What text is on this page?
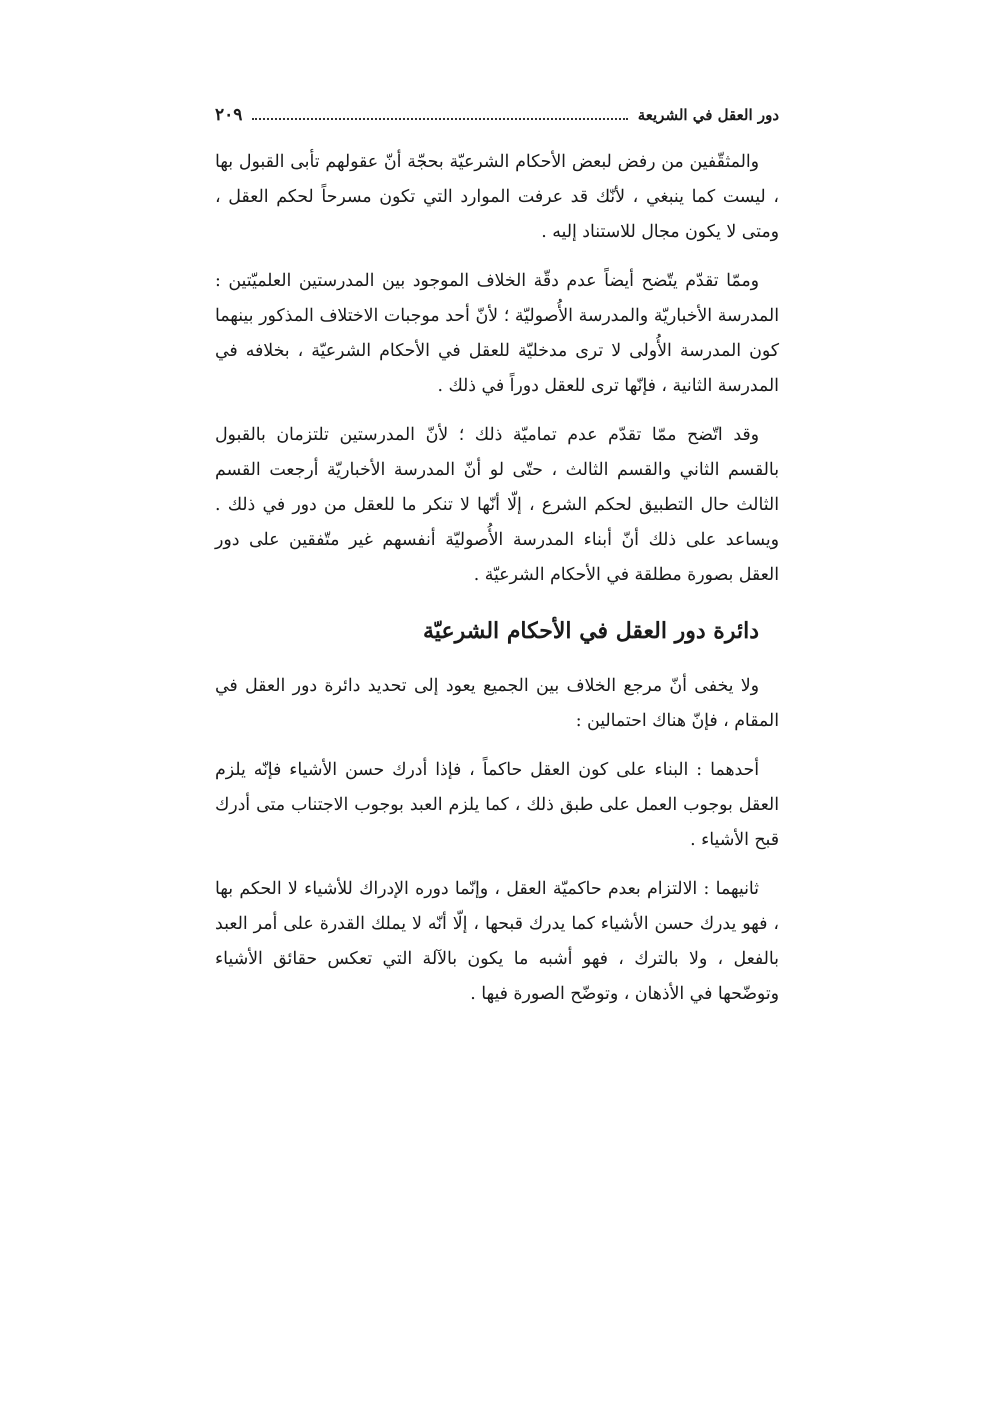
دور العقل في الشريعة
٢٠٩

والمثقّفين من رفض لبعض الأحكام الشرعيّة بحجّة أنّ عقولهم تأبى القبول بها ، ليست كما ينبغي ، لأنّك قد عرفت الموارد التي تكون مسرحاً لحكم العقل ، ومتى لا يكون مجال للاستناد إليه .

وممّا تقدّم يتّضح أيضاً عدم دقّة الخلاف الموجود بين المدرستين العلميّتين : المدرسة الأخباريّة والمدرسة الأُصوليّة ؛ لأنّ أحد موجبات الاختلاف المذكور بينهما كون المدرسة الأُولى لا ترى مدخليّة للعقل في الأحكام الشرعيّة ، بخلافه في المدرسة الثانية ، فإنّها ترى للعقل دوراً في ذلك .

وقد اتّضح ممّا تقدّم عدم تماميّة ذلك ؛ لأنّ المدرستين تلتزمان بالقبول بالقسم الثاني والقسم الثالث ، حتّى لو أنّ المدرسة الأخباريّة أرجعت القسم الثالث حال التطبيق لحكم الشرع ، إلّا أنّها لا تنكر ما للعقل من دور في ذلك . ويساعد على ذلك أنّ أبناء المدرسة الأُصوليّة أنفسهم غير متّفقين على دور العقل بصورة مطلقة في الأحكام الشرعيّة .

دائرة دور العقل في الأحكام الشرعيّة

ولا يخفى أنّ مرجع الخلاف بين الجميع يعود إلى تحديد دائرة دور العقل في المقام ، فإنّ هناك احتمالين :

أحدهما : البناء على كون العقل حاكماً ، فإذا أدرك حسن الأشياء فإنّه يلزم العقل بوجوب العمل على طبق ذلك ، كما يلزم العبد بوجوب الاجتناب متى أدرك قبح الأشياء .

ثانيهما : الالتزام بعدم حاكميّة العقل ، وإنّما دوره الإدراك للأشياء لا الحكم بها ، فهو يدرك حسن الأشياء كما يدرك قبحها ، إلّا أنّه لا يملك القدرة على أمر العبد بالفعل ، ولا بالترك ، فهو أشبه ما يكون بالآلة التي تعكس حقائق الأشياء وتوضّحها في الأذهان ، وتوضّح الصورة فيها .
